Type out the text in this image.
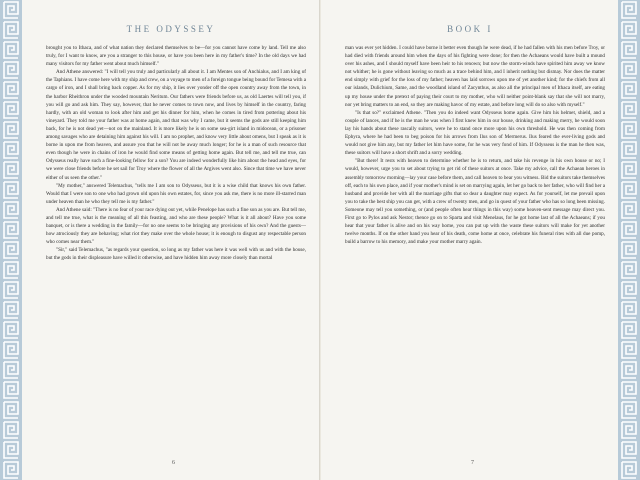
THE ODYSSEY

brought you to Ithaca, and of what nation they declared themselves to be—for you cannot have come by land. Tell me also truly, for I want to know, are you a stranger to this house, or have you been here in my father's time? In the old days we had many visitors for my father went about much himself."

And Athene answered: "I will tell you truly and particularly all about it. I am Mentes son of Anchialus, and I am king of the Taphians. I have come here with my ship and crew, on a voyage to men of a foreign tongue being bound for Temesa with a cargo of iron, and I shall bring back copper. As for my ship, it lies over yonder off the open country away from the town, in the harbor Rheithron under the wooded mountain Neritum. Our fathers were friends before us, as old Laertes will tell you, if you will go and ask him. They say, however, that he never comes to town now, and lives by himself in the country, faring hardly, with an old woman to look after him and get his dinner for him, when he comes in tired from pottering about his vineyard. They told me your father was at home again, and that was why I came, but it seems the gods are still keeping him back, for he is not dead yet—not on the mainland. It is more likely he is on some sea-girt island in midocean, or a prisoner among savages who are detaining him against his will. I am no prophet, and know very little about omens, but I speak as it is borne in upon me from heaven, and assure you that he will not be away much longer; for he is a man of such resource that even though he were in chains of iron he would find some means of getting home again. But tell me, and tell me true, can Odysseus really have such a fine-looking fellow for a son? You are indeed wonderfully like him about the head and eyes, for we were close friends before he set sail for Troy where the flower of all the Argives went also. Since that time we have never either of us seen the other."

"My mother," answered Telemachus, "tells me I am son to Odysseus, but it is a wise child that knows his own father. Would that I were son to one who had grown old upon his own estates, for, since you ask me, there is no more ill-starred man under heaven than he who they tell me is my father."

And Athene said: "There is no fear of your race dying out yet, while Penelope has such a fine son as you are. But tell me, and tell me true, what is the meaning of all this feasting, and who are these people? What is it all about? Have you some banquet, or is there a wedding in the family—for no one seems to be bringing any provisions of his own? And the guests—how atrociously they are behaving; what riot they make over the whole house; it is enough to disgust any respectable person who comes near them."

"Sir," said Telemachus, "as regards your question, so long as my father was here it was well with us and with the house, but the gods in their displeasure have willed it otherwise, and have hidden him away more closely than mortal

6
BOOK I

man was ever yet hidden. I could have borne it better even though he were dead, if he had fallen with his men before Troy, or had died with friends around him when the days of his fighting were done; for then the Achaeans would have built a mound over his ashes, and I should myself have been heir to his renown; but now the storm-winds have spirited him away we know not whither; he is gone without leaving so much as a trace behind him, and I inherit nothing but dismay. Nor does the matter end simply with grief for the loss of my father; heaven has laid sorrows upon me of yet another kind; for the chiefs from all our islands, Dulichium, Same, and the woodland island of Zacynthus, as also all the principal men of Ithaca itself, are eating up my house under the pretext of paying their court to my mother, who will neither point-blank say that she will not marry, nor yet bring matters to an end, so they are making havoc of my estate, and before long will do so also with myself."

"Is that so?" exclaimed Athene. "Then you do indeed want Odysseus home again. Give him his helmet, shield, and a couple of lances, and if he is the man he was when I first knew him in our house, drinking and making merry, he would soon lay his hands about these rascally suitors, were he to stand once more upon his own threshold. He was then coming from Ephyra, where he had been to beg poison for his arrows from Ilus son of Mermerus. Ilus feared the ever-living gods and would not give him any, but my father let him have some, for he was very fond of him. If Odysseus is the man he then was, these suitors will have a short shrift and a sorry wedding.

"But there! It rests with heaven to determine whether he is to return, and take his revenge in his own house or no; I would, however, urge you to set about trying to get rid of these suitors at once. Take my advice, call the Achaean heroes in assembly tomorrow morning—lay your case before them, and call heaven to bear you witness. Bid the suitors take themselves off, each to his own place, and if your mother's mind is set on marrying again, let her go back to her father, who will find her a husband and provide her with all the marriage gifts that so dear a daughter may expect. As for yourself, let me prevail upon you to take the best ship you can get, with a crew of twenty men, and go in quest of your father who has so long been missing. Someone may tell you something, or (and people often hear things in this way) some heaven-sent message may direct you. First go to Pylos and ask Nestor; thence go on to Sparta and visit Menelaus, for he got home last of all the Achaeans; if you hear that your father is alive and on his way home, you can put up with the waste these suitors will make for yet another twelve months. If on the other hand you hear of his death, come home at once, celebrate his funeral rites with all due pomp, build a barrow to his memory, and make your mother marry again.

7
